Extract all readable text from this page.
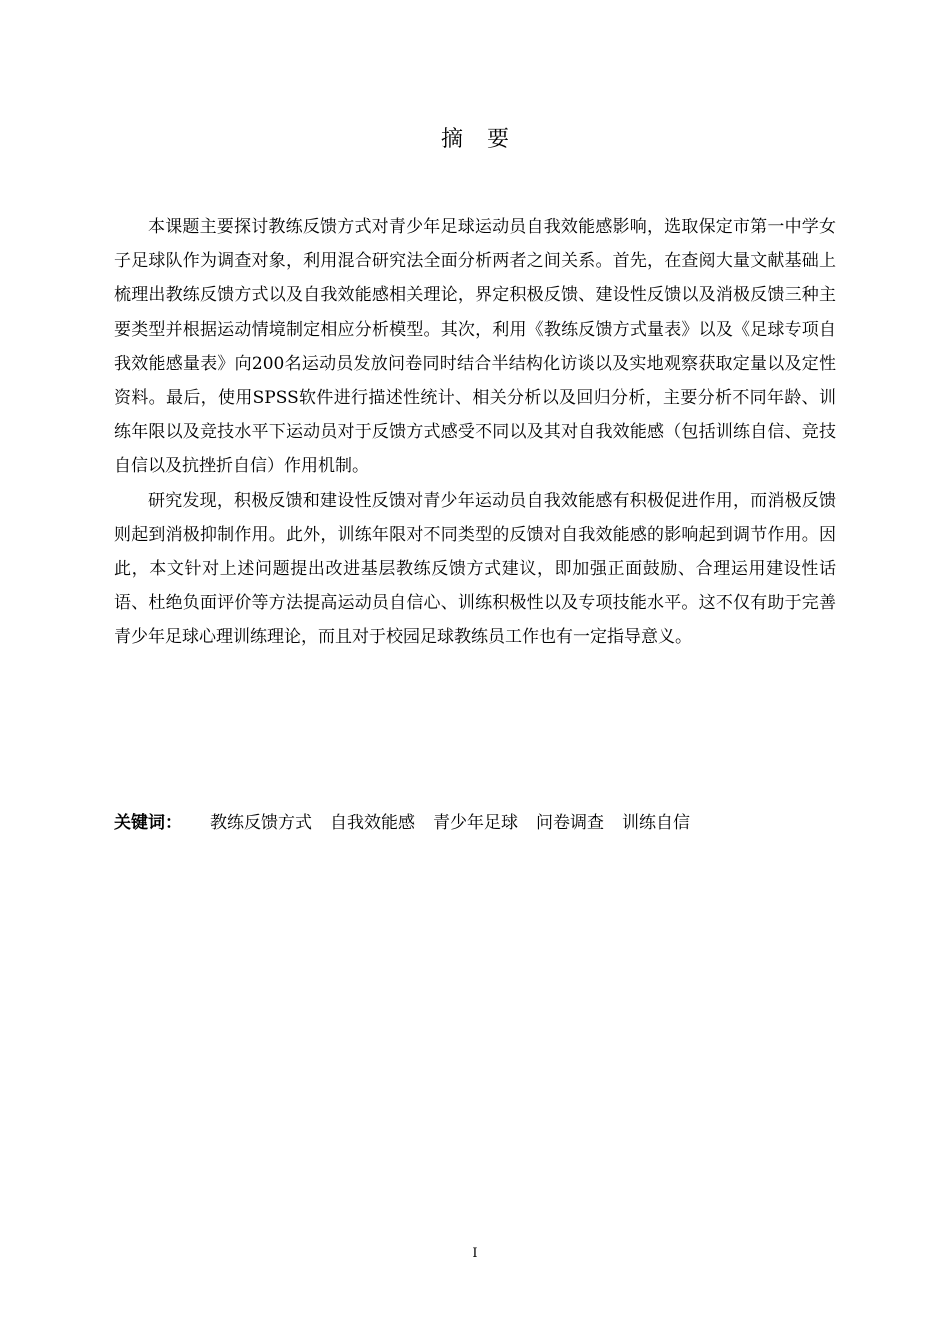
摘 要

本课题主要探讨教练反馈方式对青少年足球运动员自我效能感影响，选取保定市第一中学女子足球队作为调查对象，利用混合研究法全面分析两者之间关系。首先，在查阅大量文献基础上梳理出教练反馈方式以及自我效能感相关理论，界定积极反馈、建设性反馈以及消极反馈三种主要类型并根据运动情境制定相应分析模型。其次，利用《教练反馈方式量表》以及《足球专项自我效能感量表》向200名运动员发放问卷同时结合半结构化访谈以及实地观察获取定量以及定性资料。最后，使用SPSS软件进行描述性统计、相关分析以及回归分析，主要分析不同年龄、训练年限以及竞技水平下运动员对于反馈方式感受不同以及其对自我效能感（包括训练自信、竞技自信以及抗挫折自信）作用机制。

研究发现，积极反馈和建设性反馈对青少年运动员自我效能感有积极促进作用，而消极反馈则起到消极抑制作用。此外，训练年限对不同类型的反馈对自我效能感的影响起到调节作用。因此，本文针对上述问题提出改进基层教练反馈方式建议，即加强正面鼓励、合理运用建设性话语、杜绝负面评价等方法提高运动员自信心、训练积极性以及专项技能水平。这不仅有助于完善青少年足球心理训练理论，而且对于校园足球教练员工作也有一定指导意义。

关键词： 教练反馈方式 自我效能感 青少年足球 问卷调查 训练自信
I
